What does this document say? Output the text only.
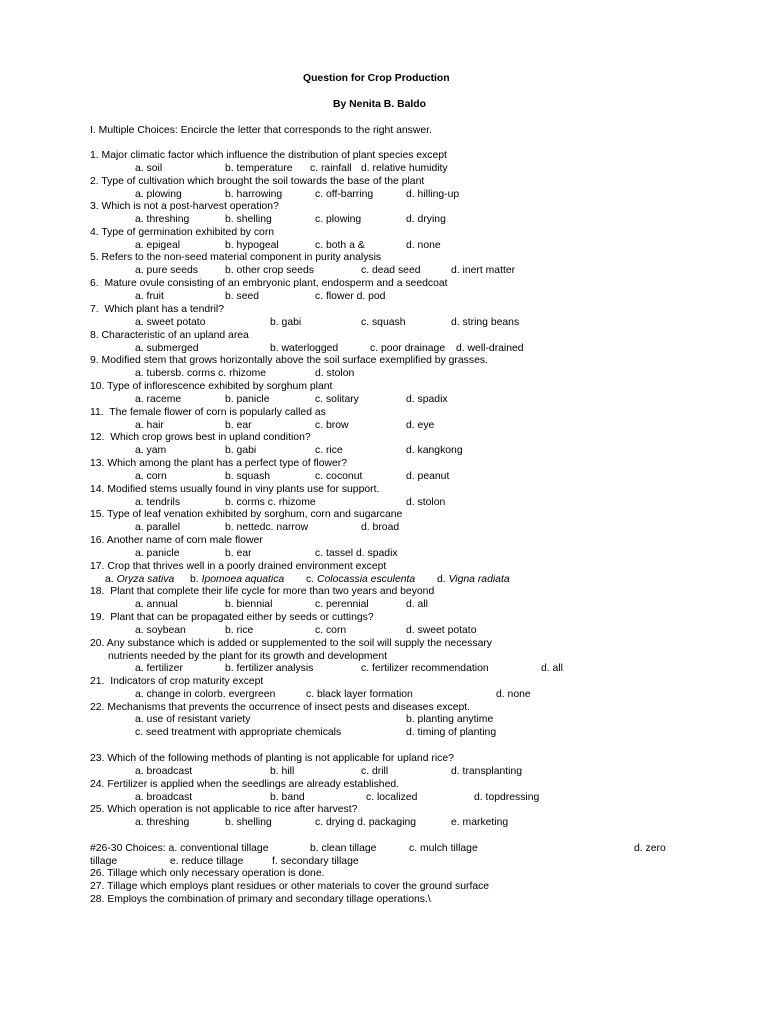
Question for Crop Production
By Nenita B. Baldo
I. Multiple Choices: Encircle the letter that corresponds to the right answer.
1. Major climatic factor which influence the distribution of plant species except
a. soil	b. temperature c. rainfall d. relative humidity
2. Type of cultivation which brought the soil towards the base of the plant
a. plowing	b. harrowing	c. off-barring	d. hilling-up
3. Which is not a post-harvest operation?
a. threshing	b. shelling	c. plowing	d. drying
4. Type of germination exhibited by corn
a. epigeal	b. hypogeal	c. both a &	d. none
5. Refers to the non-seed material component in purity analysis
a. pure seeds	b. other crop seeds	c. dead seed	d. inert matter
6.  Mature ovule consisting of an embryonic plant, endosperm and a seedcoat
a. fruit	b. seed	c. flower d. pod
7.  Which plant has a tendril?
a. sweet potato	b. gabi	c. squash	d. string beans
8. Characteristic of an upland area
a. submerged	b. waterlogged	c. poor drainage d. well-drained
9. Modified stem that grows horizontally above the soil surface exemplified by grasses.
a. tubersb. corms c. rhizome	d. stolon
10. Type of inflorescence exhibited by sorghum plant
a. raceme	b. panicle	c. solitary	d. spadix
11.  The female flower of corn is popularly called as
a. hair	b. ear	c. brow	d. eye
12.  Which crop grows best in upland condition?
a. yam	b. gabi	c. rice	d. kangkong
13. Which among the plant has a perfect type of flower?
a. corn	b. squash	c. coconut	d. peanut
14. Modified stems usually found in viny plants use for support.
a. tendrils	b. corms c. rhizome	d. stolon
15. Type of leaf venation exhibited by sorghum, corn and sugarcane
a. parallel	b. nettedc. narrow	d. broad
16. Another name of corn male flower
a. panicle	b. ear	c. tassel d. spadix
17. Crop that thrives well in a poorly drained environment except
a. Oryza sativa b. Ipomoea aquatica c. Colocassia esculenta d. Vigna radiata
18.  Plant that complete their life cycle for more than two years and beyond
a. annual	b. biennial	c. perennial	d. all
19.  Plant that can be propagated either by seeds or cuttings?
a. soybean	b. rice	c. corn	d. sweet potato
20. Any substance which is added or supplemented to the soil will supply the necessary
nutrients needed by the plant for its growth and development
a. fertilizer	b. fertilizer analysis	c. fertilizer recommendation	d. all
21.  Indicators of crop maturity except
a. change in colorb. evergreen	c. black layer formation	d. none
22. Mechanisms that prevents the occurrence of insect pests and diseases except.
a. use of resistant variety	b. planting anytime
c. seed treatment with appropriate chemicals	d. timing of planting
23. Which of the following methods of planting is not applicable for upland rice?
a. broadcast	b. hill	c. drill	d. transplanting
24. Fertilizer is applied when the seedlings are already established.
a. broadcast	b. band	c. localized	d. topdressing
25. Which operation is not applicable to rice after harvest?
a. threshing	b. shelling	c. drying d. packaging	e. marketing
#26-30 Choices: a. conventional tillage	b. clean tillage	c. mulch tillage	d. zero
tillage	e. reduce tillage	f. secondary tillage
26. Tillage which only necessary operation is done.
27. Tillage which employs plant residues or other materials to cover the ground surface
28. Employs the combination of primary and secondary tillage operations.\
